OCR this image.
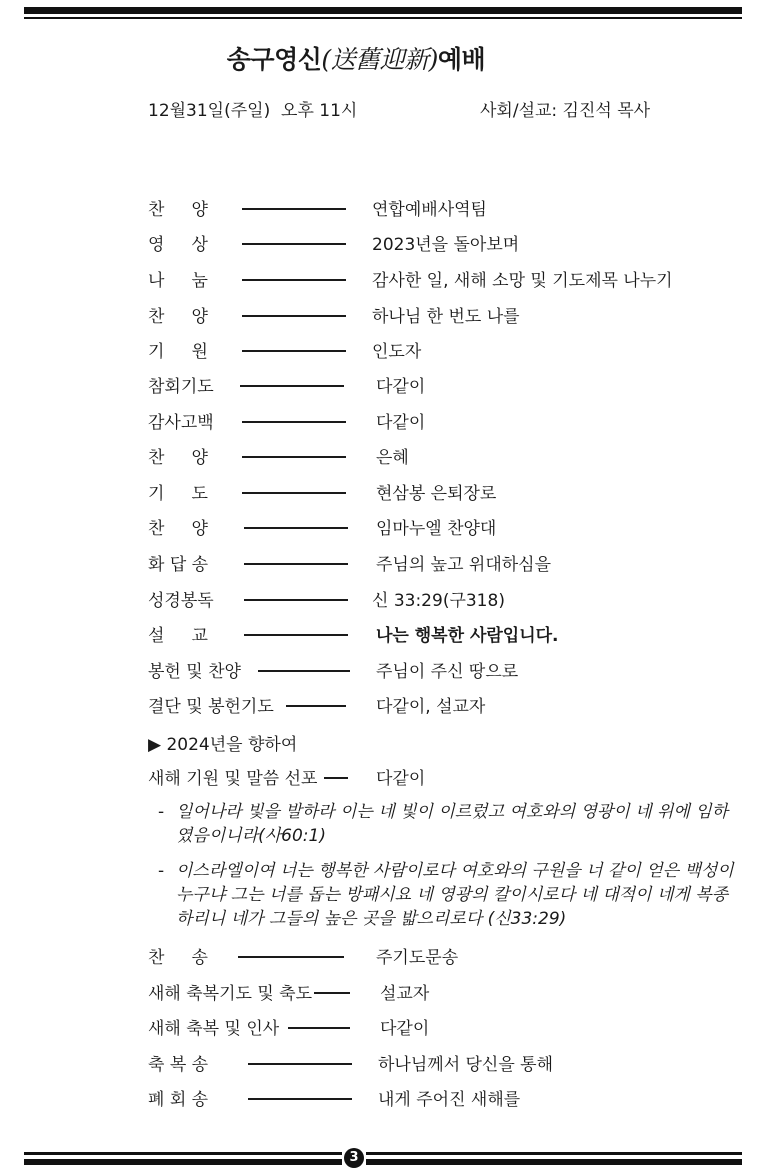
송구영신(送舊迎新)예배
12월31일(주일)  오후 11시	사회/설교: 김진석 목사
찬     양	연합예배사역팀
영     상	2023년을 돌아보며
나     눔	감사한 일, 새해 소망 및 기도제목 나누기
찬     양	하나님 한 번도 나를
기     원	인도자
참회기도	다같이
감사고백	다같이
찬     양	은혜
기     도	현삼봉 은퇴장로
찬     양	임마누엘 찬양대
화 답 송	주님의 높고 위대하심을
성경봉독	신 33:29(구318)
설     교	나는 행복한 사람입니다.
봉헌 및 찬양	주님이 주신 땅으로
결단 및 봉헌기도	다같이, 설교자
▶ 2024년을 향하여
새해 기원 및 말씀 선포	다같이
- 일어나라 빛을 발하라 이는 네 빛이 이르렀고 여호와의 영광이 네 위에 임하였음이니라(사60:1)
- 이스라엘이여 너는 행복한 사람이로다 여호와의 구원을 너 같이 얻은 백성이 누구냐 그는 너를 돕는 방패시요 네 영광의 칼이시로다 네 대적이 네게 복종하리니 네가 그들의 높은 곳을 밟으리로다 (신33:29)
찬     송	주기도문송
새해 축복기도 및 축도	설교자
새해 축복 및 인사	다같이
축 복 송	하나님께서 당신을 통해
폐 회 송	내게 주어진 새해를
3
